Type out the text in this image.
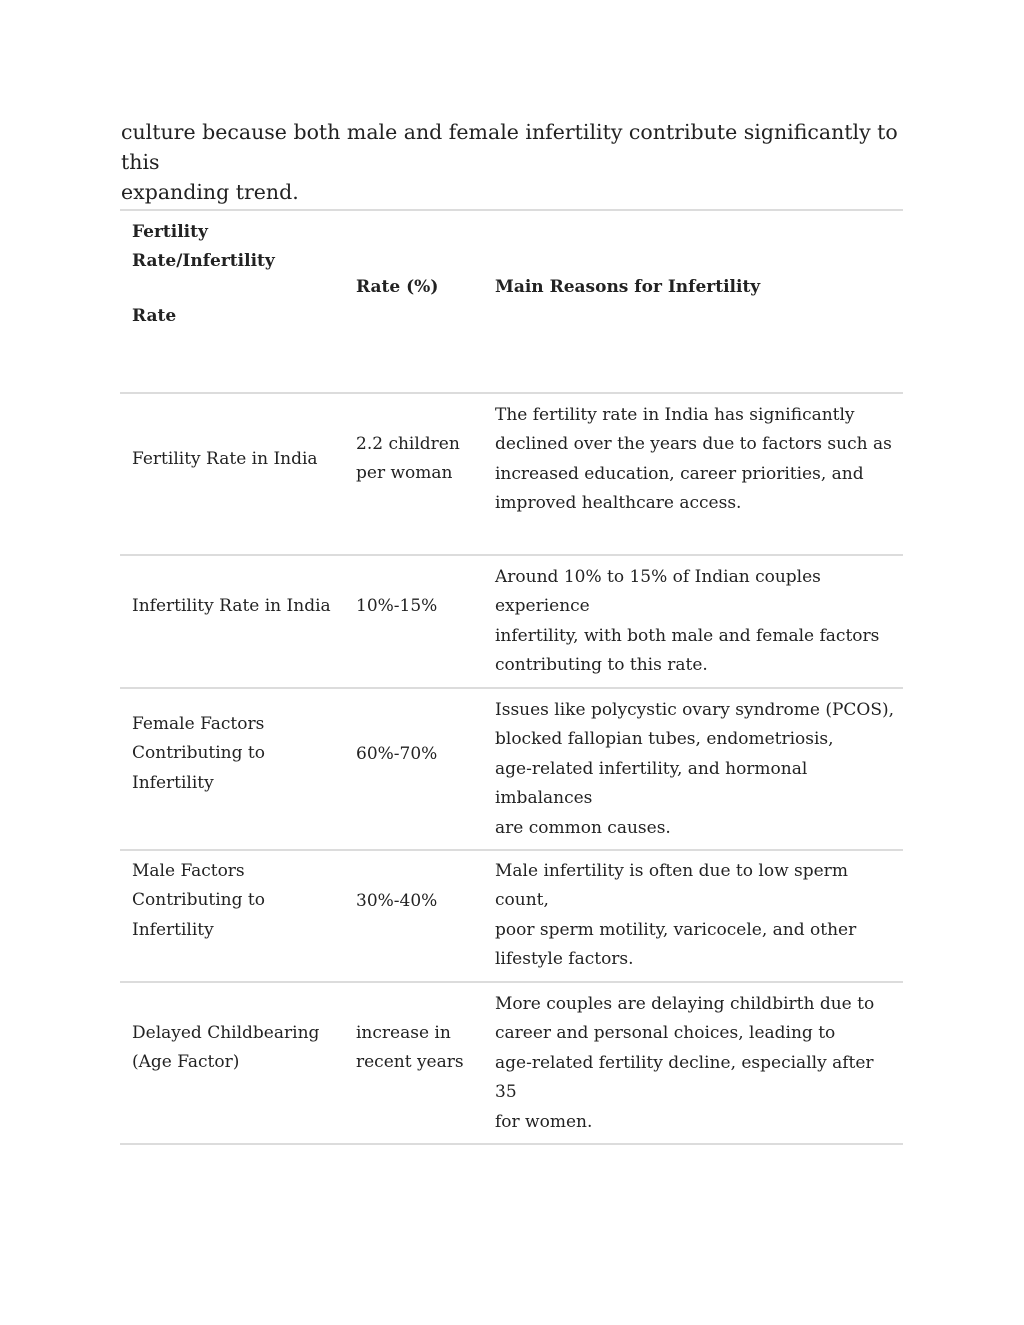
culture because both male and female infertility contribute significantly to this
expanding trend.

Fertility
Rate/Infertility
Rate
Rate (%)	Main Reasons for Infertility
Fertility Rate in India
2.2 children
per woman
The fertility rate in India has significantly
declined over the years due to factors such as
increased education, career priorities, and
improved healthcare access.
Infertility Rate in India	10%-15%
Around 10% to 15% of Indian couples experience
infertility, with both male and female factors
contributing to this rate.
Female Factors
Contributing to
Infertility
60%-70%
Issues like polycystic ovary syndrome (PCOS),
blocked fallopian tubes, endometriosis,
age-related infertility, and hormonal imbalances
are common causes.
Male Factors
Contributing to
Infertility
30%-40%
Male infertility is often due to low sperm count,
poor sperm motility, varicocele, and other
lifestyle factors.
Delayed Childbearing
(Age Factor)
increase in
recent years
More couples are delaying childbirth due to
career and personal choices, leading to
age-related fertility decline, especially after 35
for women.
